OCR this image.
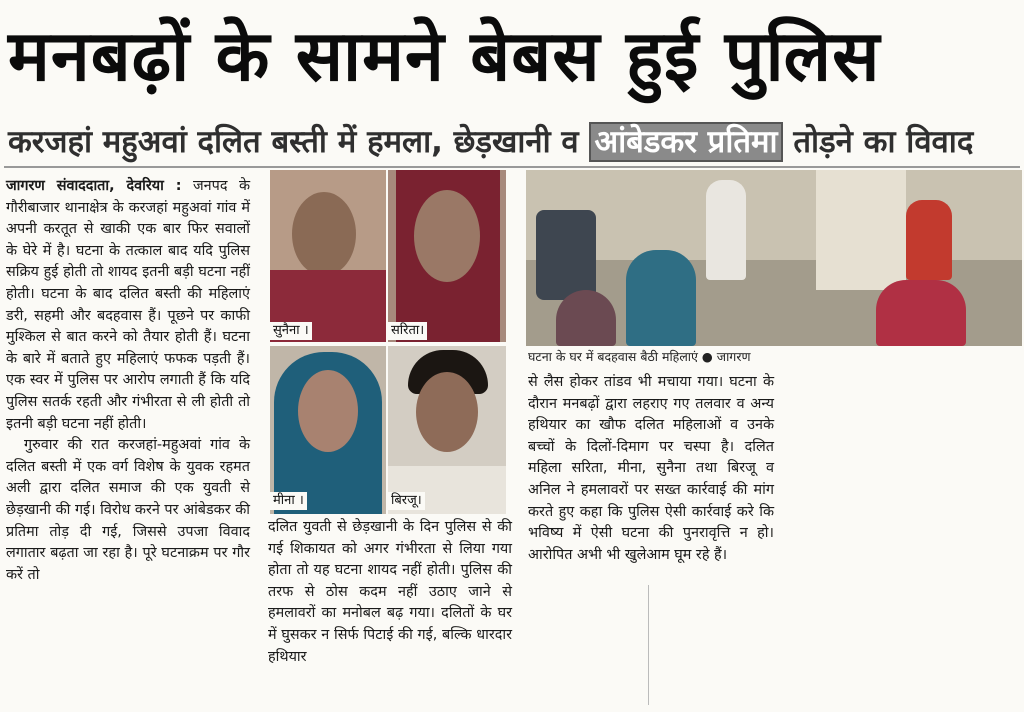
मनबढ़ों के सामने बेबस हुई पुलिस
करजहां महुअवां दलित बस्ती में हमला, छेड़खानी व आंबेडकर प्रतिमा तोड़ने का विवाद

जागरण संवाददाता, देवरिया : जनपद के गौरीबाजार थानाक्षेत्र के करजहां महुअवां गांव में अपनी करतूत से खाकी एक बार फिर सवालों के घेरे में है। घटना के तत्काल बाद यदि पुलिस सक्रिय हुई होती तो शायद इतनी बड़ी घटना नहीं होती। घटना के बाद दलित बस्ती की महिलाएं डरी, सहमी और बदहवास हैं। पूछने पर काफी मुश्किल से बात करने को तैयार होती हैं। घटना के बारे में बताते हुए महिलाएं फफक पड़ती हैं। एक स्वर में पुलिस पर आरोप लगाती हैं कि यदि पुलिस सतर्क रहती और गंभीरता से ली होती तो इतनी बड़ी घटना नहीं होती।

गुरुवार की रात करजहां-महुअवां गांव के दलित बस्ती में एक वर्ग विशेष के युवक रहमत अली द्वारा दलित समाज की एक युवती से छेड़खानी की गई। विरोध करने पर आंबेडकर की प्रतिमा तोड़ दी गई, जिससे उपजा विवाद लगातार बढ़ता जा रहा है। पूरे घटनाक्रम पर गौर करें तो

सुनैना ।	सरिता।
मीना ।	बिरजू।

दलित युवती से छेड़खानी के दिन पुलिस से की गई शिकायत को अगर गंभीरता से लिया गया होता तो यह घटना शायद नहीं होती। पुलिस की तरफ से ठोस कदम नहीं उठाए जाने से हमलावरों का मनोबल बढ़ गया। दलितों के घर में घुसकर न सिर्फ पिटाई की गई, बल्कि धारदार हथियार

घटना के घर में बदहवास बैठी महिलाएं ● जागरण

से लैस होकर तांडव भी मचाया गया। घटना के दौरान मनबढ़ों द्वारा लहराए गए तलवार व अन्य हथियार का खौफ दलित महिलाओं व उनके बच्चों के दिलों-दिमाग पर चस्पा है। दलित महिला सरिता, मीना, सुनैना तथा बिरजू व अनिल ने हमलावरों पर सख्त कार्रवाई की मांग करते हुए कहा कि पुलिस ऐसी कार्रवाई करे कि भविष्य में ऐसी घटना की पुनरावृत्ति न हो। आरोपित अभी भी खुलेआम घूम रहे हैं।
